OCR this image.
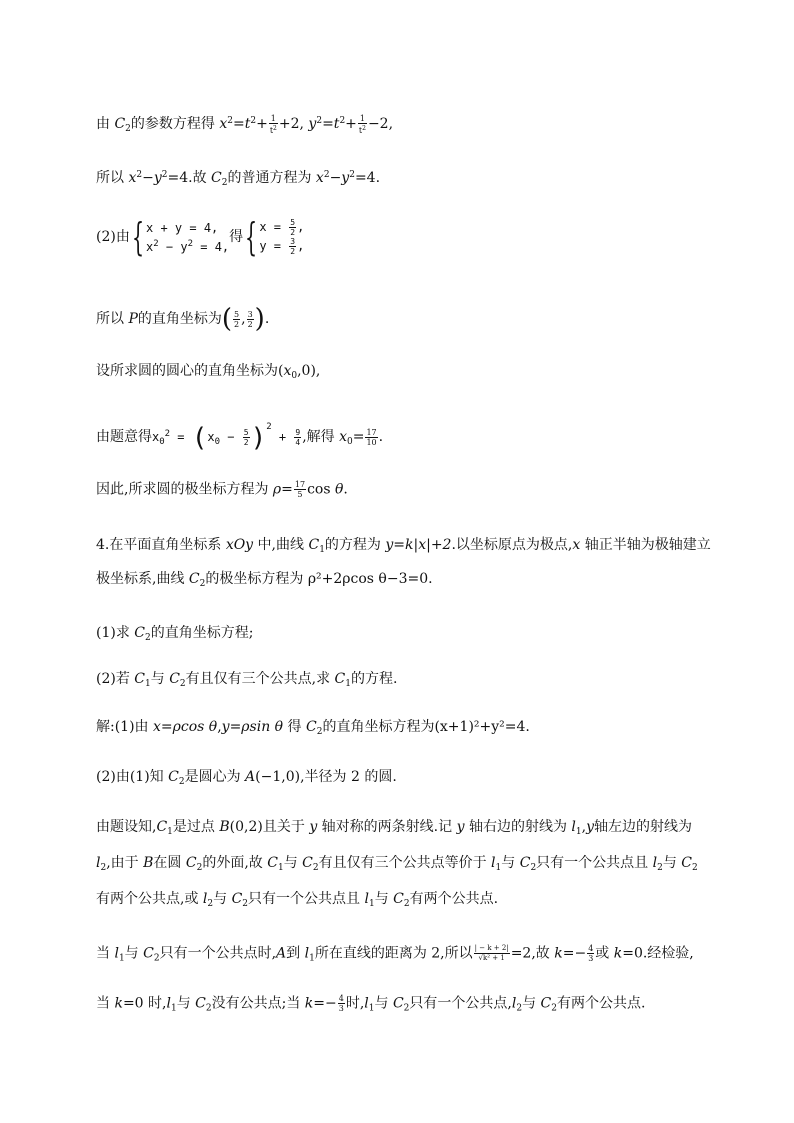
由 $C_2$的参数方程得 $x^2=t^2+ \frac{1}{t^2} +2$, $y^2=t^2+ \frac{1}{t^2} -2$,
所以 $x^2-y^2=4$.故 $C_2$的普通方程为 $x^2-y^2=4$.
(2)由{ x + y = 4,
$x^2 - y^2 = 4$,
得{ $x = \frac{5}{2}$ ,
$y = \frac{3}{2}$ ,
所以 P的直角坐标为( $\frac{5}{2}$ , $\frac{3}{2}$ ).
设所求圆的圆心的直角坐标为$(x_0,0)$,
由题意得$x_0^2 = (x_0 - \frac{5}{2} )^2 + \frac{9}{4}$ ,解得 $x_0= \frac{17}{10}$ .
因此,所求圆的极坐标方程为 $\rho= \frac{17}{5}$ cos θ.
4.在平面直角坐标系 xOy 中,曲线 $C_1$的方程为 y=k|x|+2.以坐标原点为极点,x 轴正半轴为极轴建立
极坐标系,曲线 $C_2$的极坐标方程为 ρ²+2ρcos θ−3=0.
(1)求 $C_2$的直角坐标方程;
(2)若 $C_1$与 $C_2$有且仅有三个公共点,求 $C_1$的方程.
解:(1)由 x=ρcos θ,y=ρsin θ 得 $C_2$的直角坐标方程为(x+1)²+y²=4.
(2)由(1)知 $C_2$是圆心为 A(−1,0),半径为 2 的圆.
由题设知$,C_1$是过点 B(0,2)且关于 y 轴对称的两条射线.记 y 轴右边的射线为 $l_1,y$轴左边的射线为
$l_2$,由于 B在圆 $C_2$的外面,故 $C_1$与 $C_2$有且仅有三个公共点等价于 $l_1$与 $C_2$只有一个公共点且 $l_2$与 $C_2$
有两个公共点,或 $l_2$与 $C_2$只有一个公共点且 $l_1$与 $C_2$有两个公共点.
当 $l_1$与 $C_2$只有一个公共点时,A到 $l_1$所在直线的距离为 2,所以 $\frac{| - k + 2|}{\text{√k² + 1}} =2$,故 $k=- \frac{4}{3}$ 或 k=0.经检验,
当 k=0 时$,l_1$与 $C_2$没有公共点;当 $k=- \frac{4}{3}$ 时$,l_1$与 $C_2$只有一个公共点$,l_2$与 $C_2$有两个公共点.
